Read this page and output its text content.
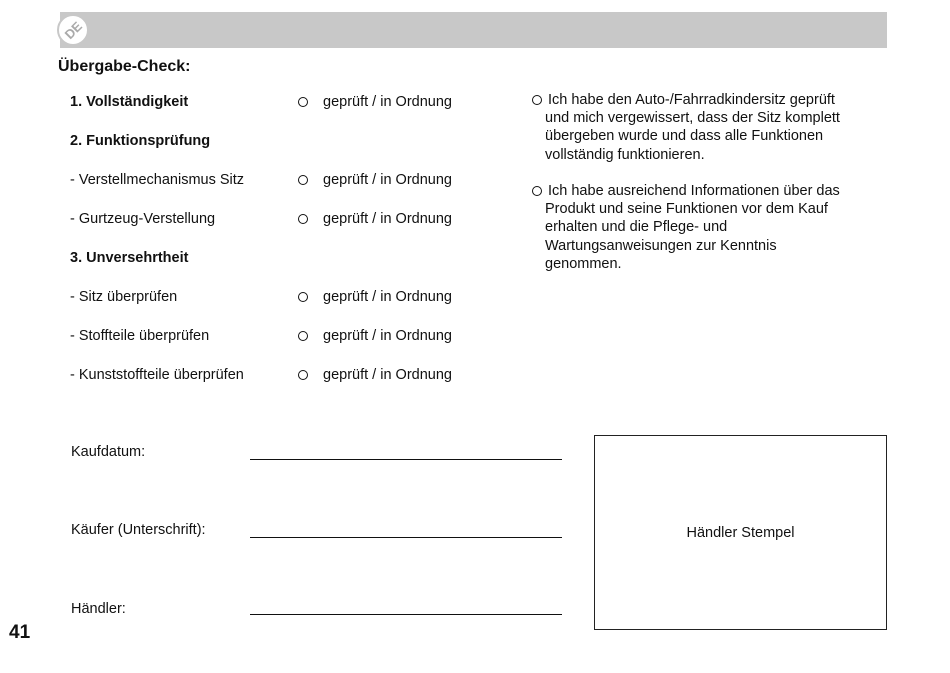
DE
Übergabe-Check:
1. Vollständigkeit	geprüft / in Ordnung
2. Funktionsprüfung
- Verstellmechanismus Sitz	geprüft / in Ordnung
- Gurtzeug-Verstellung	geprüft / in Ordnung
3. Unversehrtheit
- Sitz überprüfen	geprüft / in Ordnung
- Stoffteile überprüfen	geprüft / in Ordnung
- Kunststoffteile überprüfen	geprüft / in Ordnung
Ich habe den Auto-/Fahrradkindersitz geprüft
und mich vergewissert, dass der Sitz komplett
übergeben wurde und dass alle Funktionen
vollständig funktionieren.
Ich habe ausreichend Informationen über das
Produkt und seine Funktionen vor dem Kauf
erhalten und die Pflege- und
Wartungsanweisungen zur Kenntnis
genommen.
Kaufdatum:
Käufer (Unterschrift):
Händler:
Händler Stempel
41
